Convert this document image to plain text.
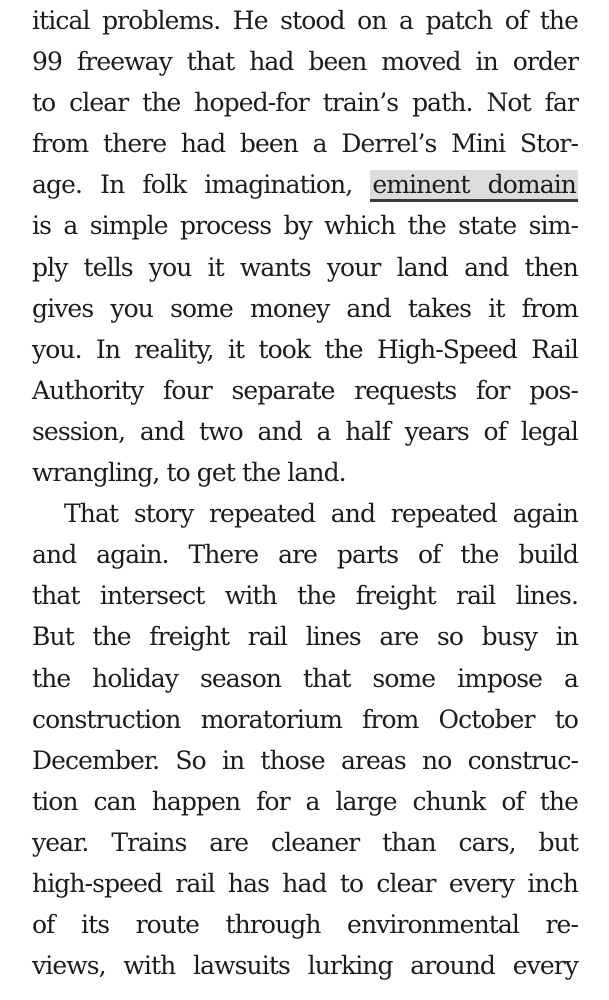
itical problems. He stood on a patch of the
99 freeway that had been moved in order
to clear the hoped-for train’s path. Not far
from there had been a Derrel’s Mini Stor-
age. In folk imagination, eminent domain
is a simple process by which the state sim-
ply tells you it wants your land and then
gives you some money and takes it from
you. In reality, it took the High-Speed Rail
Authority four separate requests for pos-
session, and two and a half years of legal
wrangling, to get the land.
That story repeated and repeated again
and again. There are parts of the build
that intersect with the freight rail lines.
But the freight rail lines are so busy in
the holiday season that some impose a
construction moratorium from October to
December. So in those areas no construc-
tion can happen for a large chunk of the
year. Trains are cleaner than cars, but
high-speed rail has had to clear every inch
of its route through environmental re-
views, with lawsuits lurking around every
